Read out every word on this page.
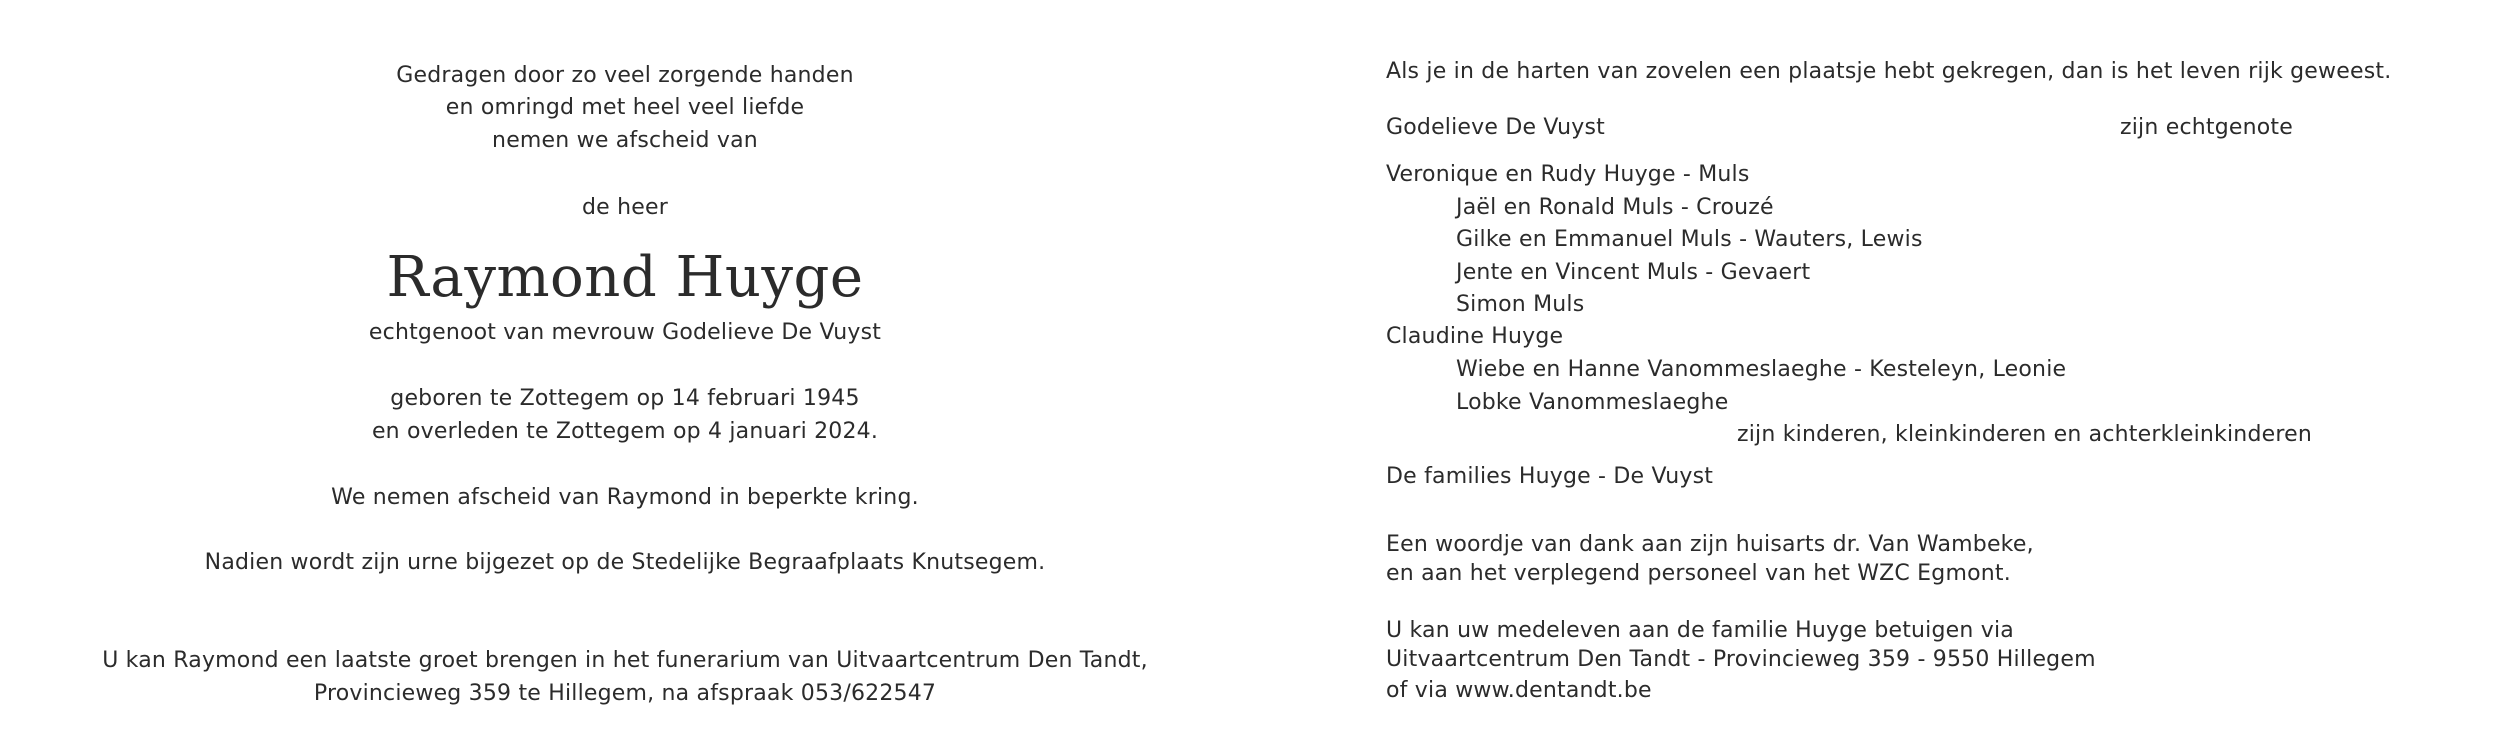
Gedragen door zo veel zorgende handen
en omringd met heel veel liefde
nemen we afscheid van
de heer
Raymond Huyge
echtgenoot van mevrouw Godelieve De Vuyst
geboren te Zottegem op 14 februari 1945
en overleden te Zottegem op 4 januari 2024.
We nemen afscheid van Raymond in beperkte kring.
Nadien wordt zijn urne bijgezet op de Stedelijke Begraafplaats Knutsegem.
U kan Raymond een laatste groet brengen in het funerarium van Uitvaartcentrum Den Tandt,
Provincieweg 359 te Hillegem, na afspraak 053/622547
Als je in de harten van zovelen een plaatsje hebt gekregen, dan is het leven rijk geweest.
Godelieve De Vuyst	zijn echtgenote
Veronique en Rudy Huyge - Muls
Jaël en Ronald Muls - Crouzé
Gilke en Emmanuel Muls - Wauters, Lewis
Jente en Vincent Muls - Gevaert
Simon Muls
Claudine Huyge
Wiebe en Hanne Vanommeslaeghe - Kesteleyn, Leonie
Lobke Vanommeslaeghe
zijn kinderen, kleinkinderen en achterkleinkinderen
De families Huyge - De Vuyst
Een woordje van dank aan zijn huisarts dr. Van Wambeke,
en aan het verplegend personeel van het WZC Egmont.
U kan uw medeleven aan de familie Huyge betuigen via
Uitvaartcentrum Den Tandt - Provincieweg 359 - 9550 Hillegem
of via www.dentandt.be
